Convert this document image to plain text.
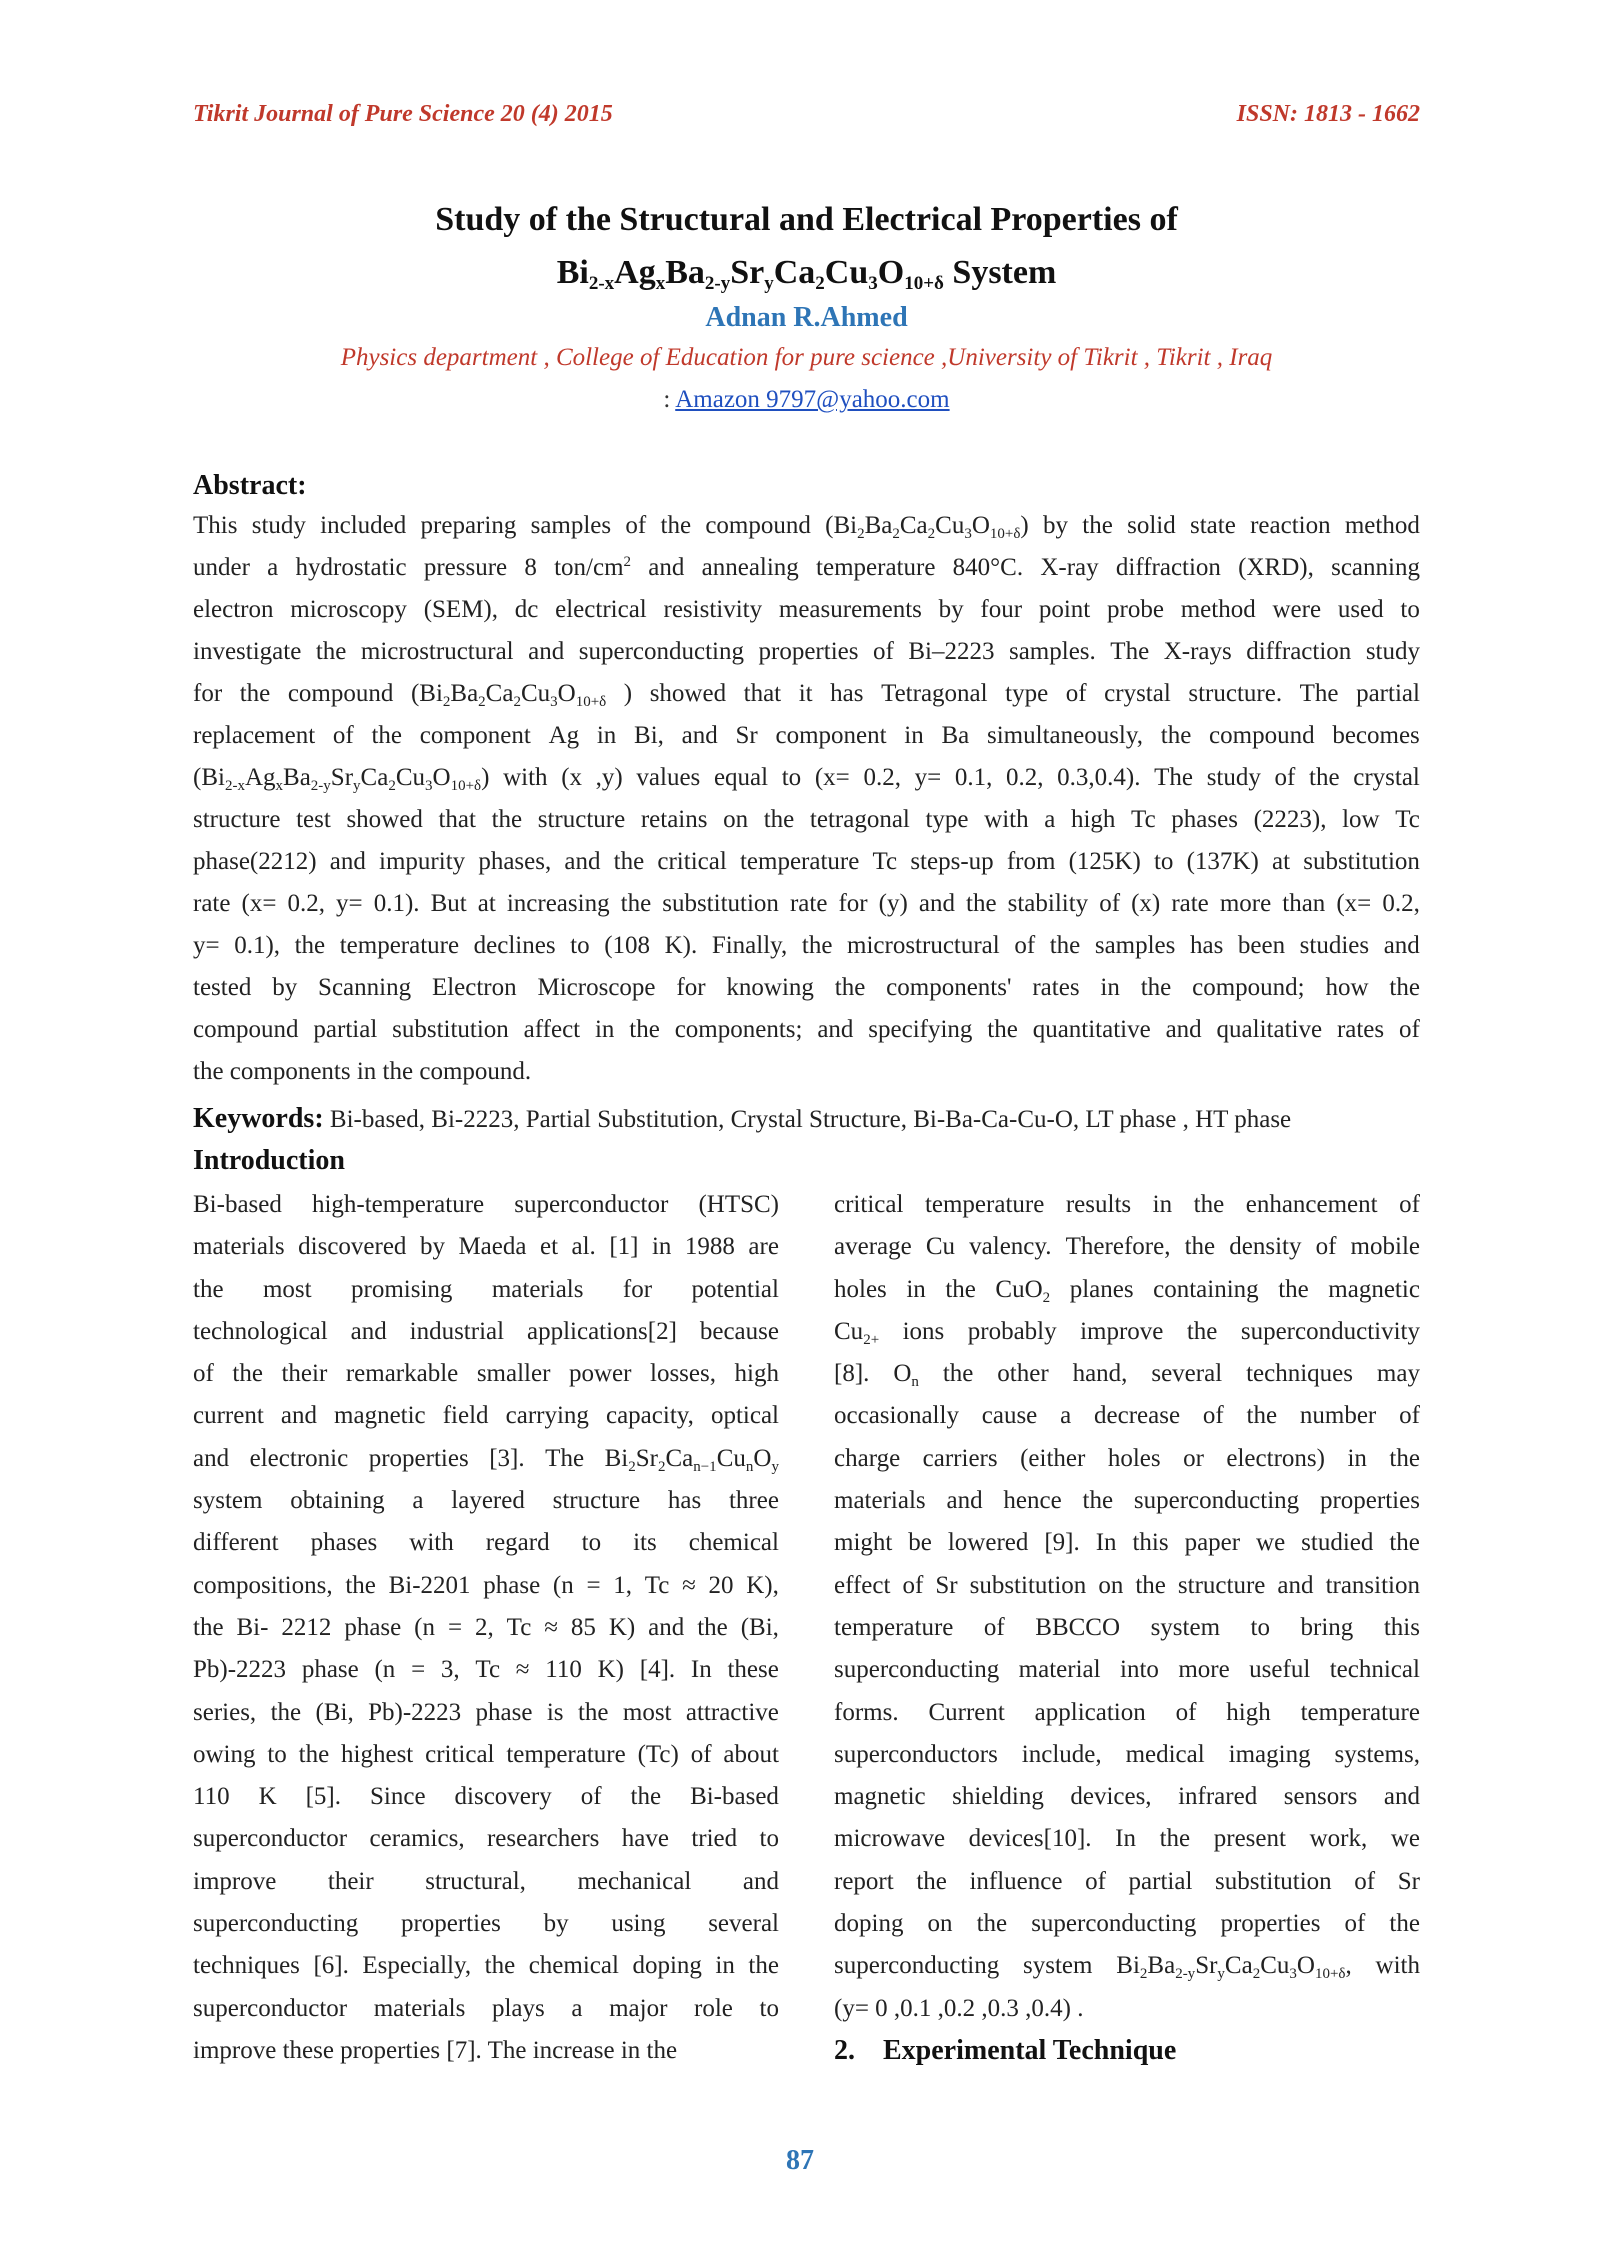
Tikrit Journal of Pure Science 20 (4) 2015	ISSN: 1813 - 1662
Study of the Structural and Electrical Properties of
$Bi_{2-x}Ag_xBa_{2-y}Sr_yCa_2Cu_3O_{10+\delta}$ System
Adnan R.Ahmed
Physics department , College of Education for pure science ,University of Tikrit , Tikrit , Iraq
: Amazon 9797@yahoo.com
Abstract:
This study included preparing samples of the compound $(Bi_2Ba_2Ca_2Cu_3O_{10+\delta})$ by the solid state reaction method
under a hydrostatic pressure 8 ton/$cm^2$ and annealing temperature 840°C. X-ray diffraction (XRD), scanning
electron microscopy (SEM), dc electrical resistivity measurements by four point probe method were used to
investigate the microstructural and superconducting properties of Bi‒2223 samples. The X-rays diffraction study
for the compound ($Bi_2Ba_2Ca_2Cu_3O_{10+\delta}$ ) showed that it has Tetragonal type of crystal structure. The partial
replacement of the component Ag in Bi, and Sr component in Ba simultaneously, the compound becomes
$(Bi_{2-x}Ag_xBa_{2-y}Sr_yCa_2Cu_3O_{10+\delta})$ with (x ,y) values equal to (x= 0.2, y= 0.1, 0.2, 0.3,0.4). The study of the crystal
structure test showed that the structure retains on the tetragonal type with a high Tc phases (2223), low Tc
phase(2212) and impurity phases, and the critical temperature Tc steps-up from (125K) to (137K) at substitution
rate (x= 0.2, y= 0.1). But at increasing the substitution rate for (y) and the stability of (x) rate more than (x= 0.2,
y= 0.1), the temperature declines to (108 K). Finally, the microstructural of the samples has been studies and
tested by Scanning Electron Microscope for knowing the components' rates in the compound; how the
compound partial substitution affect in the components; and specifying the quantitative and qualitative rates of
the components in the compound.
Keywords: Bi-based, Bi-2223, Partial Substitution, Crystal Structure, Bi-Ba-Ca-Cu-O, LT phase , HT phase
Introduction
Bi-based high-temperature superconductor (HTSC)
materials discovered by Maeda et al. [1] in 1988 are
the most promising materials for potential
technological and industrial applications[2] because
of the their remarkable smaller power losses, high
current and magnetic field carrying capacity, optical
and electronic properties [3]. The $Bi_2Sr_2Ca_{n-1}Cu_nO_y$
system obtaining a layered structure has three
different phases with regard to its chemical
compositions, the Bi-2201 phase (n = 1, Tc ≈ 20 K),
the Bi- 2212 phase (n = 2, Tc ≈ 85 K) and the (Bi,
Pb)-2223 phase (n = 3, Tc ≈ 110 K) [4]. In these
series, the (Bi, Pb)-2223 phase is the most attractive
owing to the highest critical temperature (Tc) of about
110 K [5]. Since discovery of the Bi-based
superconductor ceramics, researchers have tried to
improve their structural, mechanical and
superconducting properties by using several
techniques [6]. Especially, the chemical doping in the
superconductor materials plays a major role to
improve these properties [7]. The increase in the
critical temperature results in the enhancement of
average Cu valency. Therefore, the density of mobile
holes in the CuO$_2$ planes containing the magnetic
$Cu_{2+}$ ions probably improve the superconductivity
[8]. $O_n$ the other hand, several techniques may
occasionally cause a decrease of the number of
charge carriers (either holes or electrons) in the
materials and hence the superconducting properties
might be lowered [9]. In this paper we studied the
effect of Sr substitution on the structure and transition
temperature of BBCCO system to bring this
superconducting material into more useful technical
forms. Current application of high temperature
superconductors include, medical imaging systems,
magnetic shielding devices, infrared sensors and
microwave devices[10]. In the present work, we
report the influence of partial substitution of Sr
doping on the superconducting properties of the
superconducting system $Bi_2Ba_{2-y}Sr_yCa_2Cu_3O_{10+\delta}$, with
(y= 0 ,0.1 ,0.2 ,0.3 ,0.4) .
2.    Experimental Technique
87
